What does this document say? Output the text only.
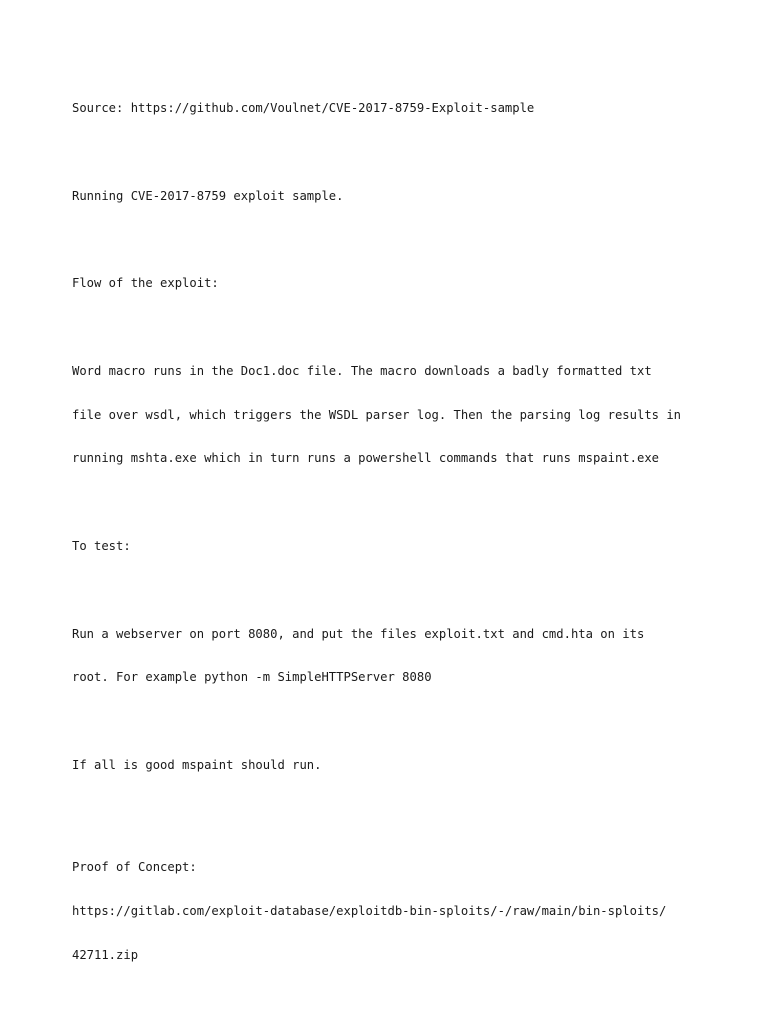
Source: https://github.com/Voulnet/CVE-2017-8759-Exploit-sample

Running CVE-2017-8759 exploit sample.

Flow of the exploit:

Word macro runs in the Doc1.doc file. The macro downloads a badly formatted txt

file over wsdl, which triggers the WSDL parser log. Then the parsing log results in

running mshta.exe which in turn runs a powershell commands that runs mspaint.exe

To test:

Run a webserver on port 8080, and put the files exploit.txt and cmd.hta on its

root. For example python -m SimpleHTTPServer 8080

If all is good mspaint should run.

Proof of Concept:

https://gitlab.com/exploit-database/exploitdb-bin-sploits/-/raw/main/bin-sploits/

42711.zip
